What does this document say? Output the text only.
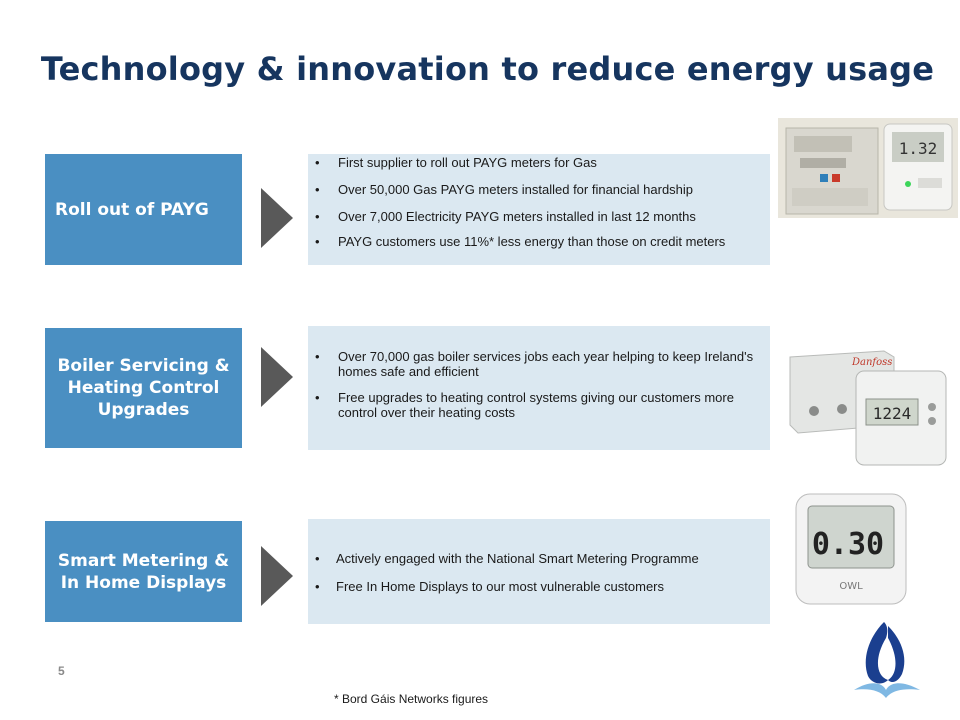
Technology & innovation to reduce energy usage
Roll out of PAYG
• First supplier to roll out PAYG meters for Gas
• Over 50,000 Gas PAYG meters installed for financial hardship
• Over 7,000 Electricity PAYG meters installed in last 12 months
• PAYG customers use 11%* less energy than those on credit meters
1.32
Boiler Servicing & Heating Control Upgrades
• Over 70,000 gas boiler services jobs each year helping to keep Ireland's homes safe and efficient
• Free upgrades to heating control systems giving our customers more control over their heating costs
Danfoss
1224
Smart Metering & In Home Displays
• Actively engaged with the National Smart Metering Programme
• Free In Home Displays to our most vulnerable customers
0.30
OWL
5
* Bord Gáis Networks figures
